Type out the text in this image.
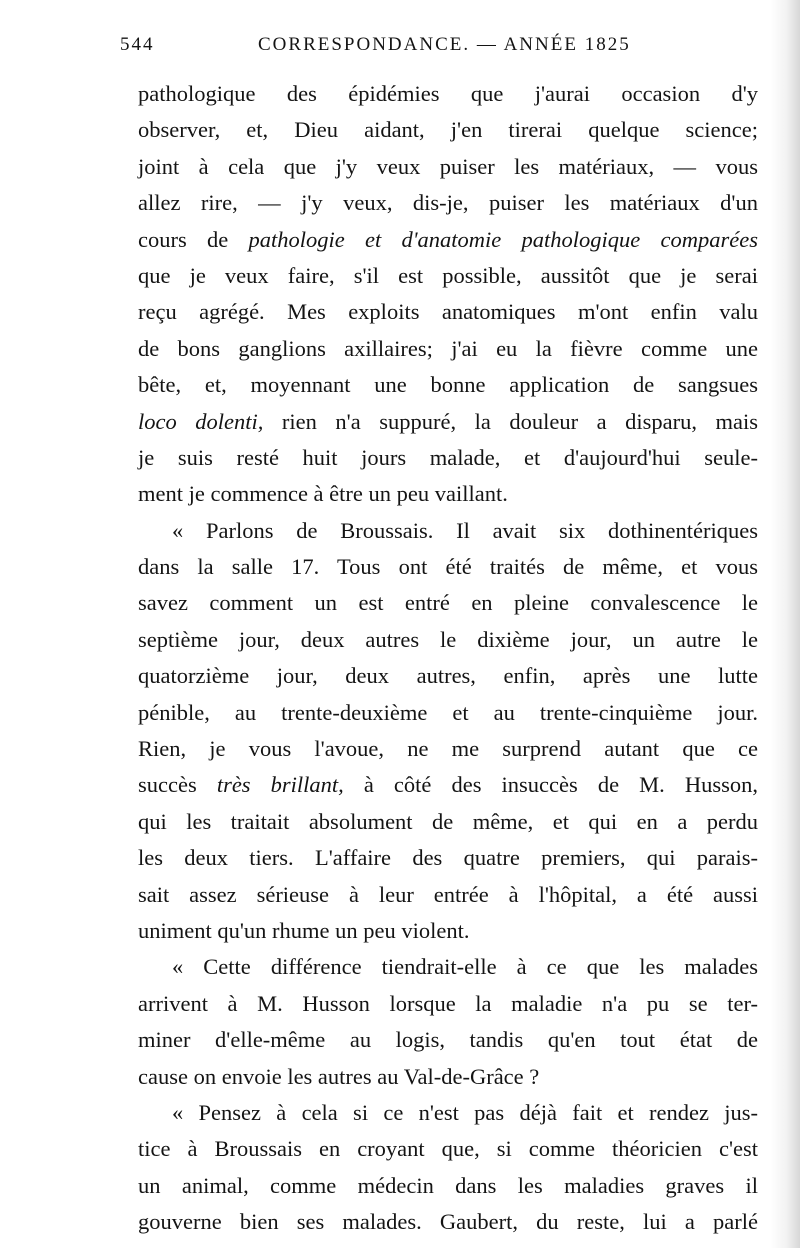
544	CORRESPONDANCE. — ANNÉE 1825
pathologique des épidémies que j'aurai occasion d'y
observer, et, Dieu aidant, j'en tirerai quelque science;
joint à cela que j'y veux puiser les matériaux, — vous
allez rire, — j'y veux, dis-je, puiser les matériaux d'un
cours de pathologie et d'anatomie pathologique comparées
que je veux faire, s'il est possible, aussitôt que je serai
reçu agrégé. Mes exploits anatomiques m'ont enfin valu
de bons ganglions axillaires; j'ai eu la fièvre comme une
bête, et, moyennant une bonne application de sangsues
loco dolenti, rien n'a suppuré, la douleur a disparu, mais
je suis resté huit jours malade, et d'aujourd'hui seule-
ment je commence à être un peu vaillant.
« Parlons de Broussais. Il avait six dothinentériques
dans la salle 17. Tous ont été traités de même, et vous
savez comment un est entré en pleine convalescence le
septième jour, deux autres le dixième jour, un autre le
quatorzième jour, deux autres, enfin, après une lutte
pénible, au trente-deuxième et au trente-cinquième jour.
Rien, je vous l'avoue, ne me surprend autant que ce
succès très brillant, à côté des insuccès de M. Husson,
qui les traitait absolument de même, et qui en a perdu
les deux tiers. L'affaire des quatre premiers, qui parais-
sait assez sérieuse à leur entrée à l'hôpital, a été aussi
uniment qu'un rhume un peu violent.
« Cette différence tiendrait-elle à ce que les malades
arrivent à M. Husson lorsque la maladie n'a pu se ter-
miner d'elle-même au logis, tandis qu'en tout état de
cause on envoie les autres au Val-de-Grâce ?
« Pensez à cela si ce n'est pas déjà fait et rendez jus-
tice à Broussais en croyant que, si comme théoricien c'est
un animal, comme médecin dans les maladies graves il
gouverne bien ses malades. Gaubert, du reste, lui a parlé
